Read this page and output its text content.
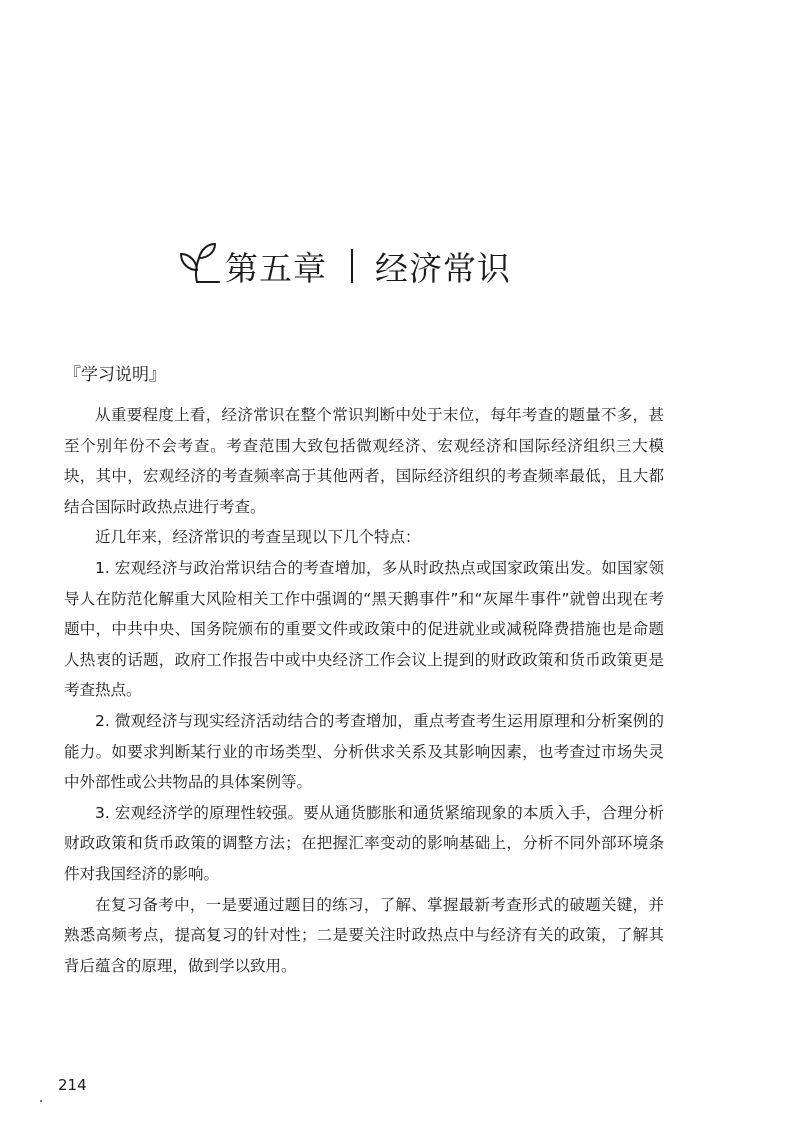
第五章 经济常识
『学习说明』

从重要程度上看，经济常识在整个常识判断中处于末位，每年考查的题量不多，甚至个别年份不会考查。考查范围大致包括微观经济、宏观经济和国际经济组织三大模块，其中，宏观经济的考查频率高于其他两者，国际经济组织的考查频率最低，且大都结合国际时政热点进行考查。

近几年来，经济常识的考查呈现以下几个特点：

1. 宏观经济与政治常识结合的考查增加，多从时政热点或国家政策出发。如国家领导人在防范化解重大风险相关工作中强调的“黑天鹅事件”和“灰犀牛事件”就曾出现在考题中，中共中央、国务院颁布的重要文件或政策中的促进就业或减税降费措施也是命题人热衷的话题，政府工作报告中或中央经济工作会议上提到的财政政策和货币政策更是考查热点。

2. 微观经济与现实经济活动结合的考查增加，重点考查考生运用原理和分析案例的能力。如要求判断某行业的市场类型、分析供求关系及其影响因素，也考查过市场失灵中外部性或公共物品的具体案例等。

3. 宏观经济学的原理性较强。要从通货膨胀和通货紧缩现象的本质入手，合理分析财政政策和货币政策的调整方法；在把握汇率变动的影响基础上，分析不同外部环境条件对我国经济的影响。

在复习备考中，一是要通过题目的练习，了解、掌握最新考查形式的破题关键，并熟悉高频考点，提高复习的针对性；二是要关注时政热点中与经济有关的政策，了解其背后蕴含的原理，做到学以致用。

214
